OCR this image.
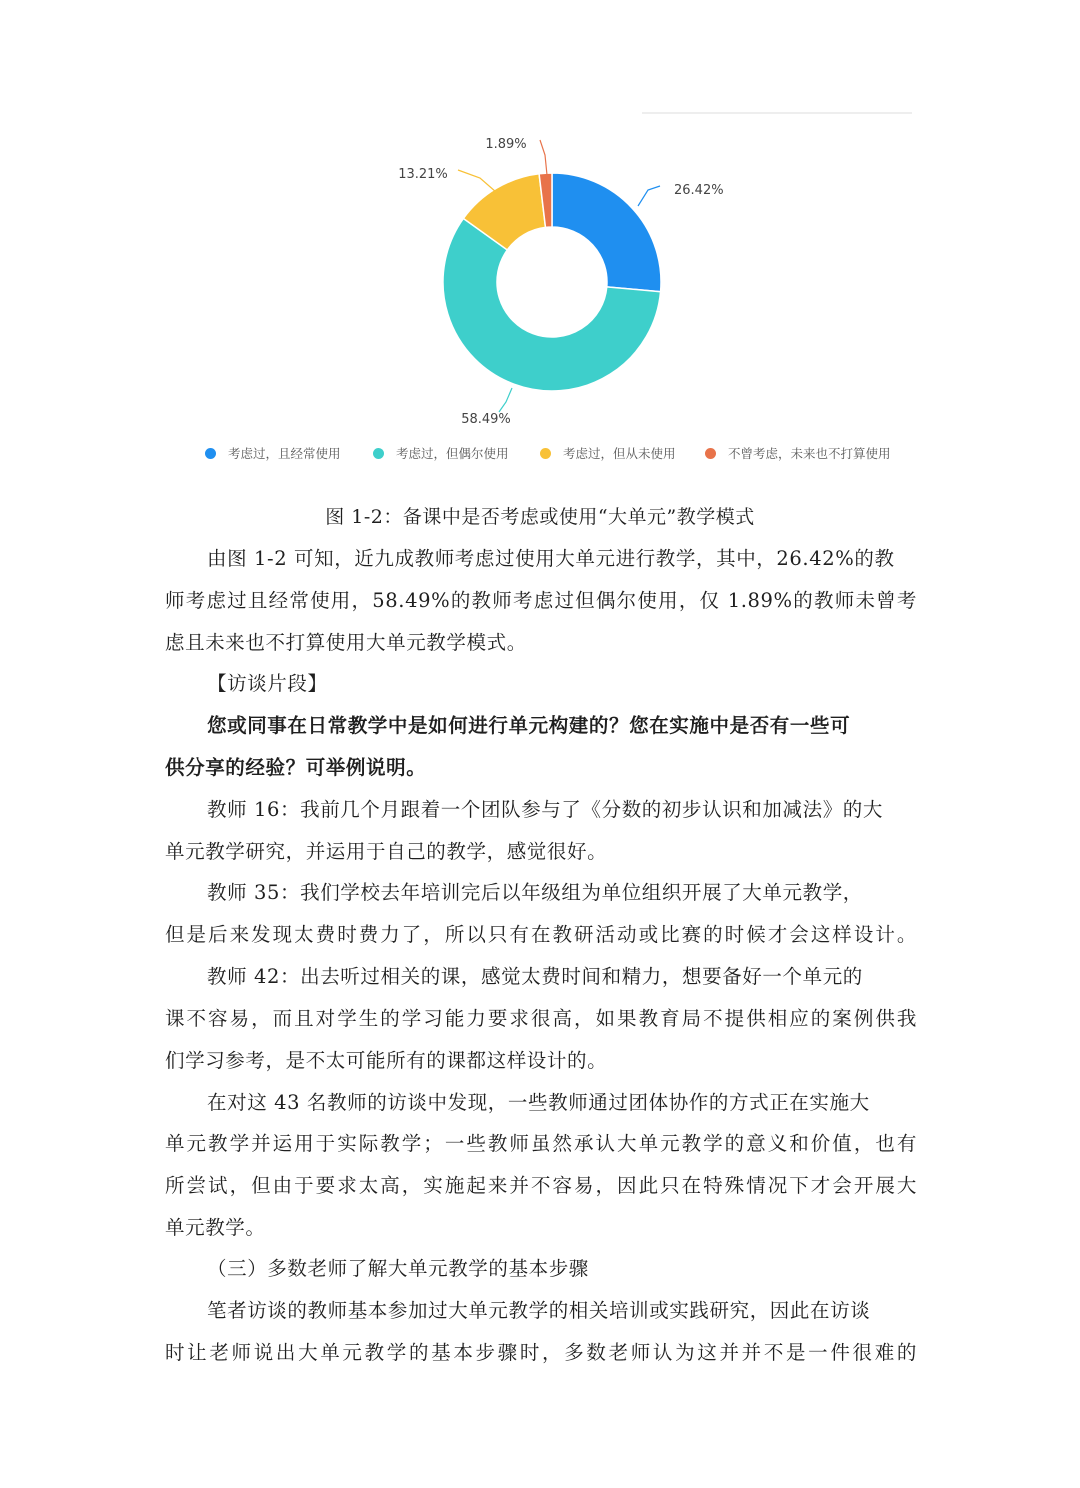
26.42%
58.49%
13.21%
1.89%
考虑过，且经常使用	考虑过，但偶尔使用	考虑过，但从未使用	不曾考虑，未来也不打算使用
图 1-2：备课中是否考虑或使用“大单元”教学模式
由图 1-2 可知，近九成教师考虑过使用大单元进行教学，其中，26.42%的教
师考虑过且经常使用，58.49%的教师考虑过但偶尔使用，仅 1.89%的教师未曾考
虑且未来也不打算使用大单元教学模式。
【访谈片段】
您或同事在日常教学中是如何进行单元构建的？您在实施中是否有一些可
供分享的经验？可举例说明。
教师 16：我前几个月跟着一个团队参与了《分数的初步认识和加减法》的大
单元教学研究，并运用于自己的教学，感觉很好。
教师 35：我们学校去年培训完后以年级组为单位组织开展了大单元教学，
但是后来发现太费时费力了，所以只有在教研活动或比赛的时候才会这样设计。
教师 42：出去听过相关的课，感觉太费时间和精力，想要备好一个单元的
课不容易，而且对学生的学习能力要求很高，如果教育局不提供相应的案例供我
们学习参考，是不太可能所有的课都这样设计的。
在对这 43 名教师的访谈中发现，一些教师通过团体协作的方式正在实施大
单元教学并运用于实际教学；一些教师虽然承认大单元教学的意义和价值，也有
所尝试，但由于要求太高，实施起来并不容易，因此只在特殊情况下才会开展大
单元教学。
（三）多数老师了解大单元教学的基本步骤
笔者访谈的教师基本参加过大单元教学的相关培训或实践研究，因此在访谈
时让老师说出大单元教学的基本步骤时，多数老师认为这并并不是一件很难的
